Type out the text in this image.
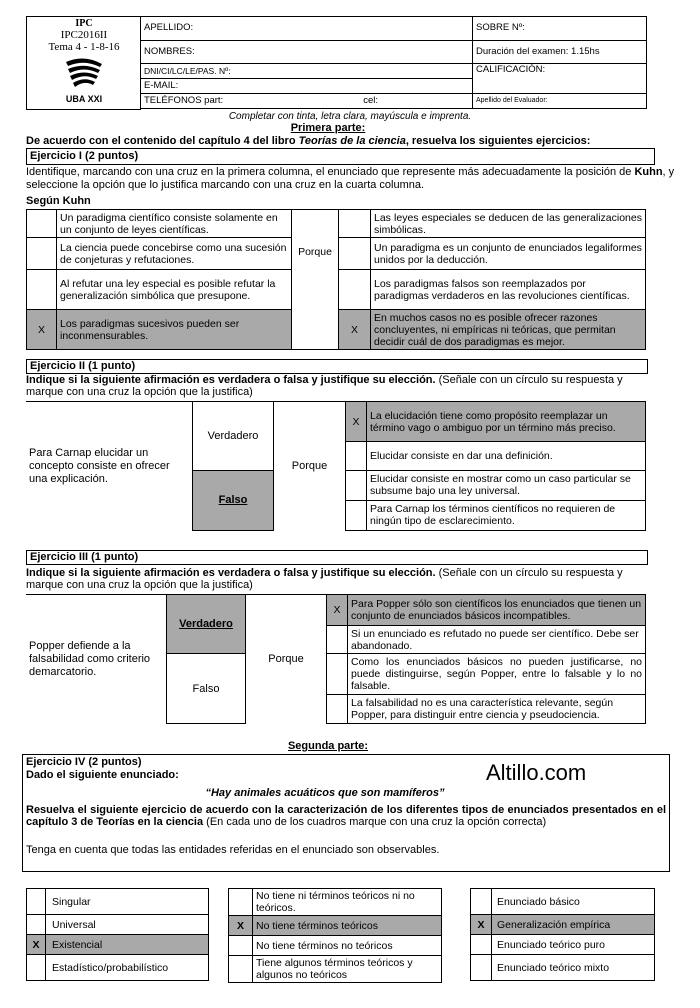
IPC
IPC2016II
Tema 4 - 1-8-16
UBA XXI
APELLIDO:	SOBRE Nº:
NOMBRES:	Duración del examen: 1.15hs
DNI/CI/LC/LE/PAS. Nº:	CALIFICACIÓN:
E-MAIL:	
TELÉFONOS part: cel:	Apellido del Evaluador:
Completar con tinta, letra clara, mayúscula e imprenta.
Primera parte:
De acuerdo con el contenido del capítulo 4 del libro Teorías de la ciencia, resuelva los siguientes ejercicios:
Ejercicio I (2 puntos)
Identifique, marcando con una cruz en la primera columna, el enunciado que represente más adecuadamente la posición de Kuhn, y seleccione la opción que lo justifica marcando con una cruz en la cuarta columna.
Según Kuhn
	Un paradigma científico consiste solamente en un conjunto de leyes científicas.	Porque		Las leyes especiales se deducen de las generalizaciones simbólicas.
	La ciencia puede concebirse como una sucesión de conjeturas y refutaciones.			Un paradigma es un conjunto de enunciados legaliformes unidos por la deducción.
	Al refutar una ley especial es posible refutar la generalización simbólica que presupone.			Los paradigmas falsos son reemplazados por paradigmas verdaderos en las revoluciones científicas.
X	Los paradigmas sucesivos pueden ser inconmensurables.		X	En muchos casos no es posible ofrecer razones concluyentes, ni empíricas ni teóricas, que permitan decidir cuál de dos paradigmas es mejor.
Ejercicio II (1 punto)
Indique si la siguiente afirmación es verdadera o falsa y justifique su elección. (Señale con un círculo su respuesta y marque con una cruz la opción que la justifica)
Para Carnap elucidar un concepto consiste en ofrecer una explicación.	Verdadero	Porque	X	La elucidación tiene como propósito reemplazar un término vago o ambiguo por un término más preciso.
				Elucidar consiste en dar una definición.
	Falso			Elucidar consiste en mostrar como un caso particular se subsume bajo una ley universal.
				Para Carnap los términos científicos no requieren de ningún tipo de esclarecimiento.
Ejercicio III (1 punto)
Indique si la siguiente afirmación es verdadera o falsa y justifique su elección. (Señale con un círculo su respuesta y marque con una cruz la opción que la justifica)
Popper defiende a la falsabilidad como criterio demarcatorio.	Verdadero	Porque	X	Para Popper sólo son científicos los enunciados que tienen un conjunto de enunciados básicos incompatibles.
				Si un enunciado es refutado no puede ser científico. Debe ser abandonado.
	Falso			Como los enunciados básicos no pueden justificarse, no puede distinguirse, según Popper, entre lo falsable y lo no falsable.
				La falsabilidad no es una característica relevante, según Popper, para distinguir entre ciencia y pseudociencia.
Segunda parte:
Ejercicio IV (2 puntos)
Dado el siguiente enunciado:	Altillo.com
“Hay animales acuáticos que son mamíferos”
Resuelva el siguiente ejercicio de acuerdo con la caracterización de los diferentes tipos de enunciados presentados en el capítulo 3 de Teorías en la ciencia (En cada uno de los cuadros marque con una cruz la opción correcta)
Tenga en cuenta que todas las entidades referidas en el enunciado son observables.
	Singular
	Universal
X	Existencial
	Estadístico/probabilístico
	No tiene ni términos teóricos ni no teóricos.
X	No tiene términos teóricos
	No tiene términos no teóricos
	Tiene algunos términos teóricos y algunos no teóricos
	Enunciado básico
X	Generalización empírica
	Enunciado teórico puro
	Enunciado teórico mixto
